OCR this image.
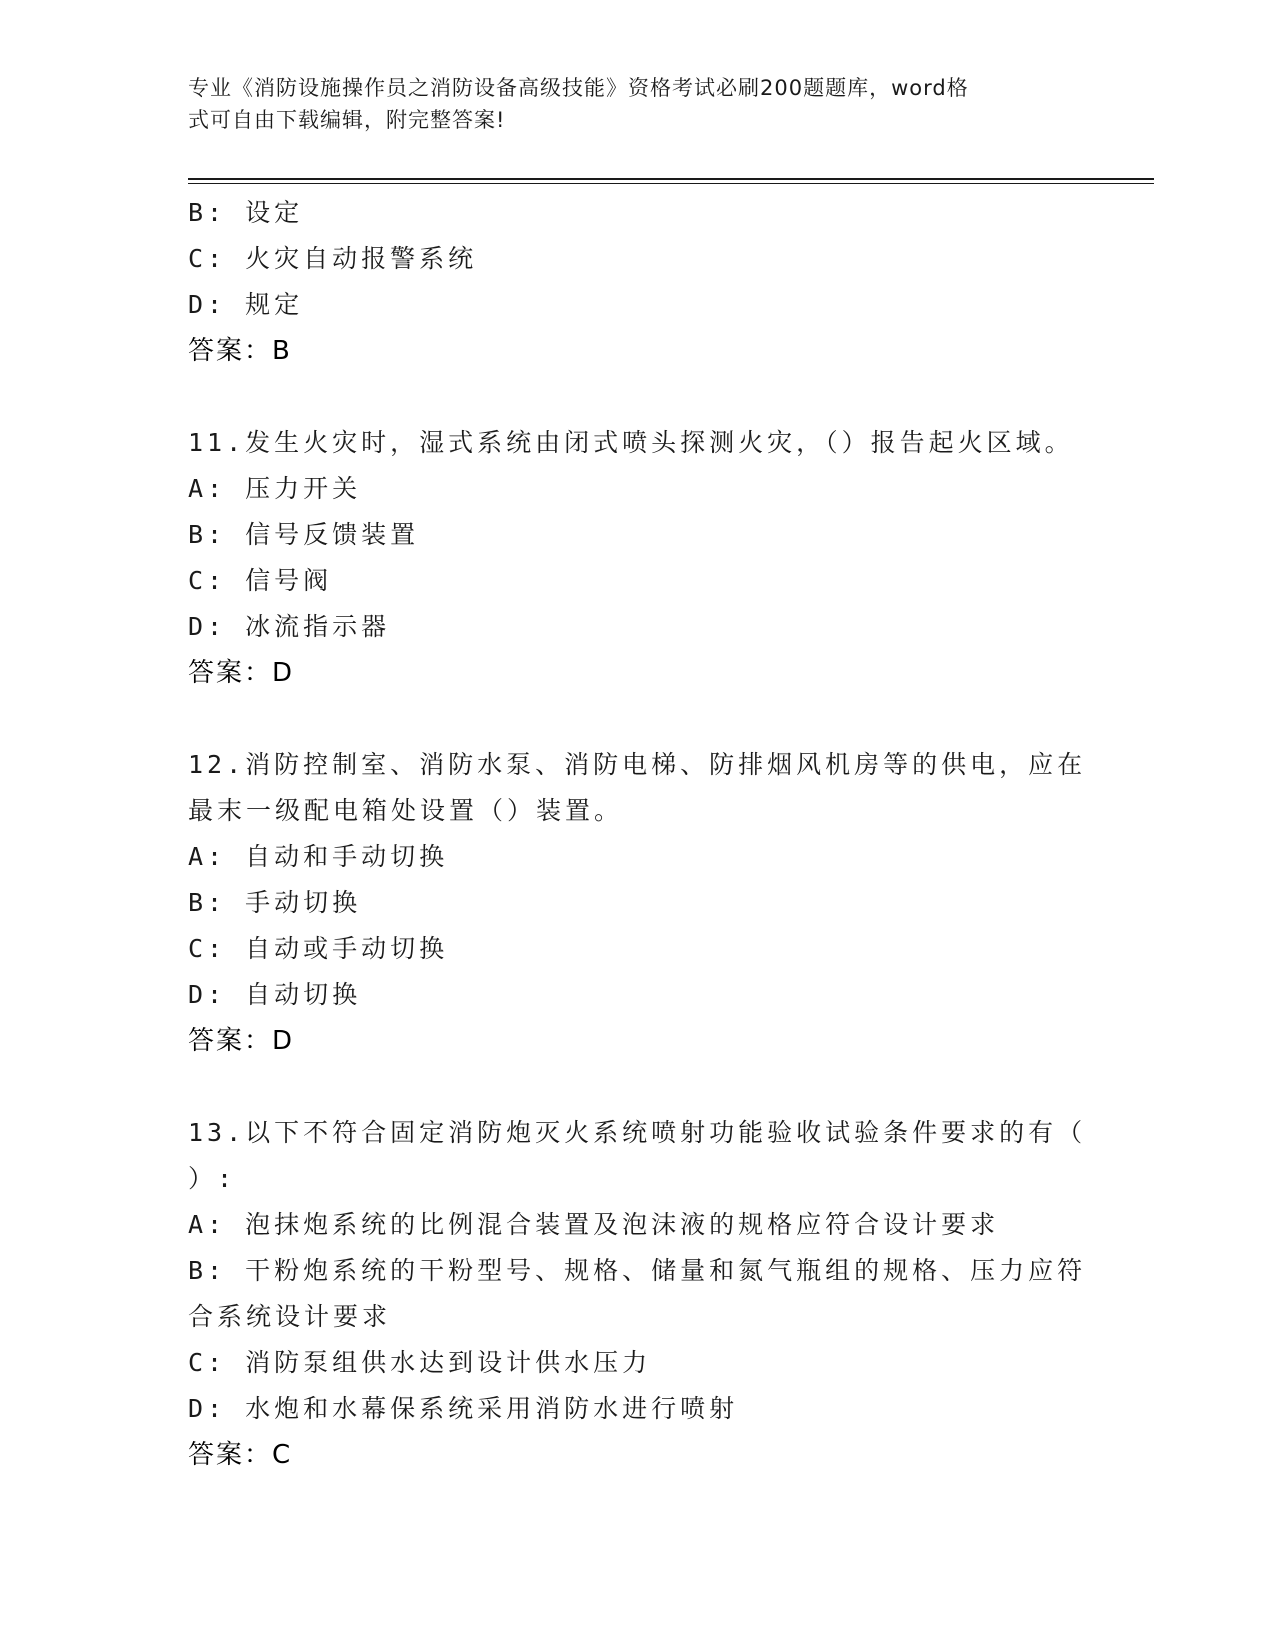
专业《消防设施操作员之消防设备高级技能》资格考试必刷200题题库，word格
式可自由下载编辑，附完整答案!
B: 设定
C: 火灾自动报警系统
D: 规定
答案：B
11.发生火灾时，湿式系统由闭式喷头探测火灾，（）报告起火区域。
A: 压力开关
B: 信号反馈装置
C: 信号阀
D: 冰流指示器
答案：D
12.消防控制室、消防水泵、消防电梯、防排烟风机房等的供电，应在
最末一级配电箱处设置（）装置。
A: 自动和手动切换
B: 手动切换
C: 自动或手动切换
D: 自动切换
答案：D
13.以下不符合固定消防炮灭火系统喷射功能验收试验条件要求的有（
）:
A: 泡抹炮系统的比例混合装置及泡沫液的规格应符合设计要求
B: 干粉炮系统的干粉型号、规格、储量和氮气瓶组的规格、压力应符
合系统设计要求
C: 消防泵组供水达到设计供水压力
D: 水炮和水幕保系统采用消防水进行喷射
答案：C
